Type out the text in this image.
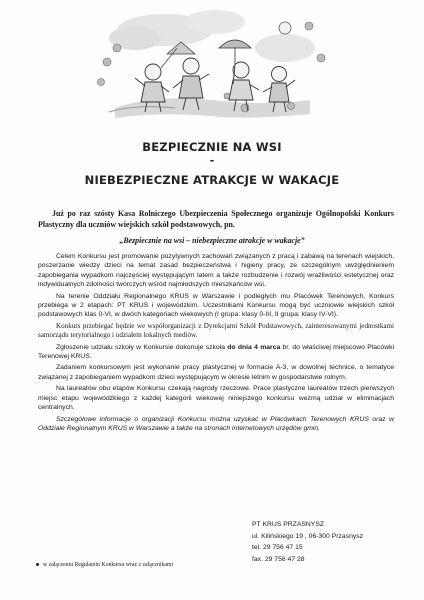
BEZPIECZNIE NA WSI
-
NIEBEZPIECZNE ATRAKCJE W WAKACJE
Już po raz szósty Kasa Rolniczego Ubezpieczenia Społecznego organizuje Ogólnopolski Konkurs Plastyczny dla uczniów wiejskich szkół podstawowych, pn.
„Bezpiecznie na wsi – niebezpieczne atrakcje w wakacje”

Celem Konkursu jest promowanie pozytywnych zachowań związanych z pracą i zabawą na terenach wiejskich, poszerzanie wiedzy dzieci na temat zasad bezpieczeństwa i higieny pracy, ze szczególnym uwzględnieniem zapobiegania wypadkom najczęściej występującym latem a także rozbudzenie i rozwój wrażliwości estetycznej oraz indywidualnych zdolności twórczych wśród najmłodszych mieszkańców wsi.

Na terenie Oddziału Regionalnego KRUS w Warszawie i podległych mu Placówek Terenowych, Konkurs przebiega w 2 etapach: PT KRUS i wojewódzkim. Uczestnikami Konkursu mogą być uczniowie wiejskich szkół podstawowych klas 0-VI, w dwóch kategoriach wiekowych (I grupa: klasy 0-III, II grupa: klasy IV-VI).

Konkurs przebiegać będzie we współorganizacji z Dyrekcjami Szkół Podstawowych, zainteresowanymi jednostkami samorządu terytorialnego i udziałem lokalnych mediów.

Zgłoszenie udziału szkoły w Konkursie dokonuje szkoła do dnia 4 marca br. do właściwej miejscowo Placówki Terenowej KRUS.

Zadaniem konkursowym jest wykonanie pracy plastycznej w formacie A-3, w dowolnej technice, o tematyce związanej z zapobieganiem wypadkom dzieci występującym w okresie letnim w gospodarstwie rolnym.

Na laureatów obu etapów Konkursu czekają nagrody rzeczowe. Prace plastyczne laureatów trzech pierwszych miejsc etapu wojewódzkiego z każdej kategorii wiekowej niniejszego konkursu wezmą udział w eliminacjach centralnych.

Szczegółowe informacje o organizacji Konkursu można uzyskać w Placówkach Terenowych KRUS oraz w Oddziale Regionalnym KRUS w Warszawie a także na stronach internetowych urzędów gmin.

PT KRUS PRZASNYSZ
ul. Kilińskiego 19 , 06-300 Przasnysz
tel. 29 756 47 15
fax. 29 756 47 28
w załączeniu Regulamin Konkursu wraz z załącznikami
